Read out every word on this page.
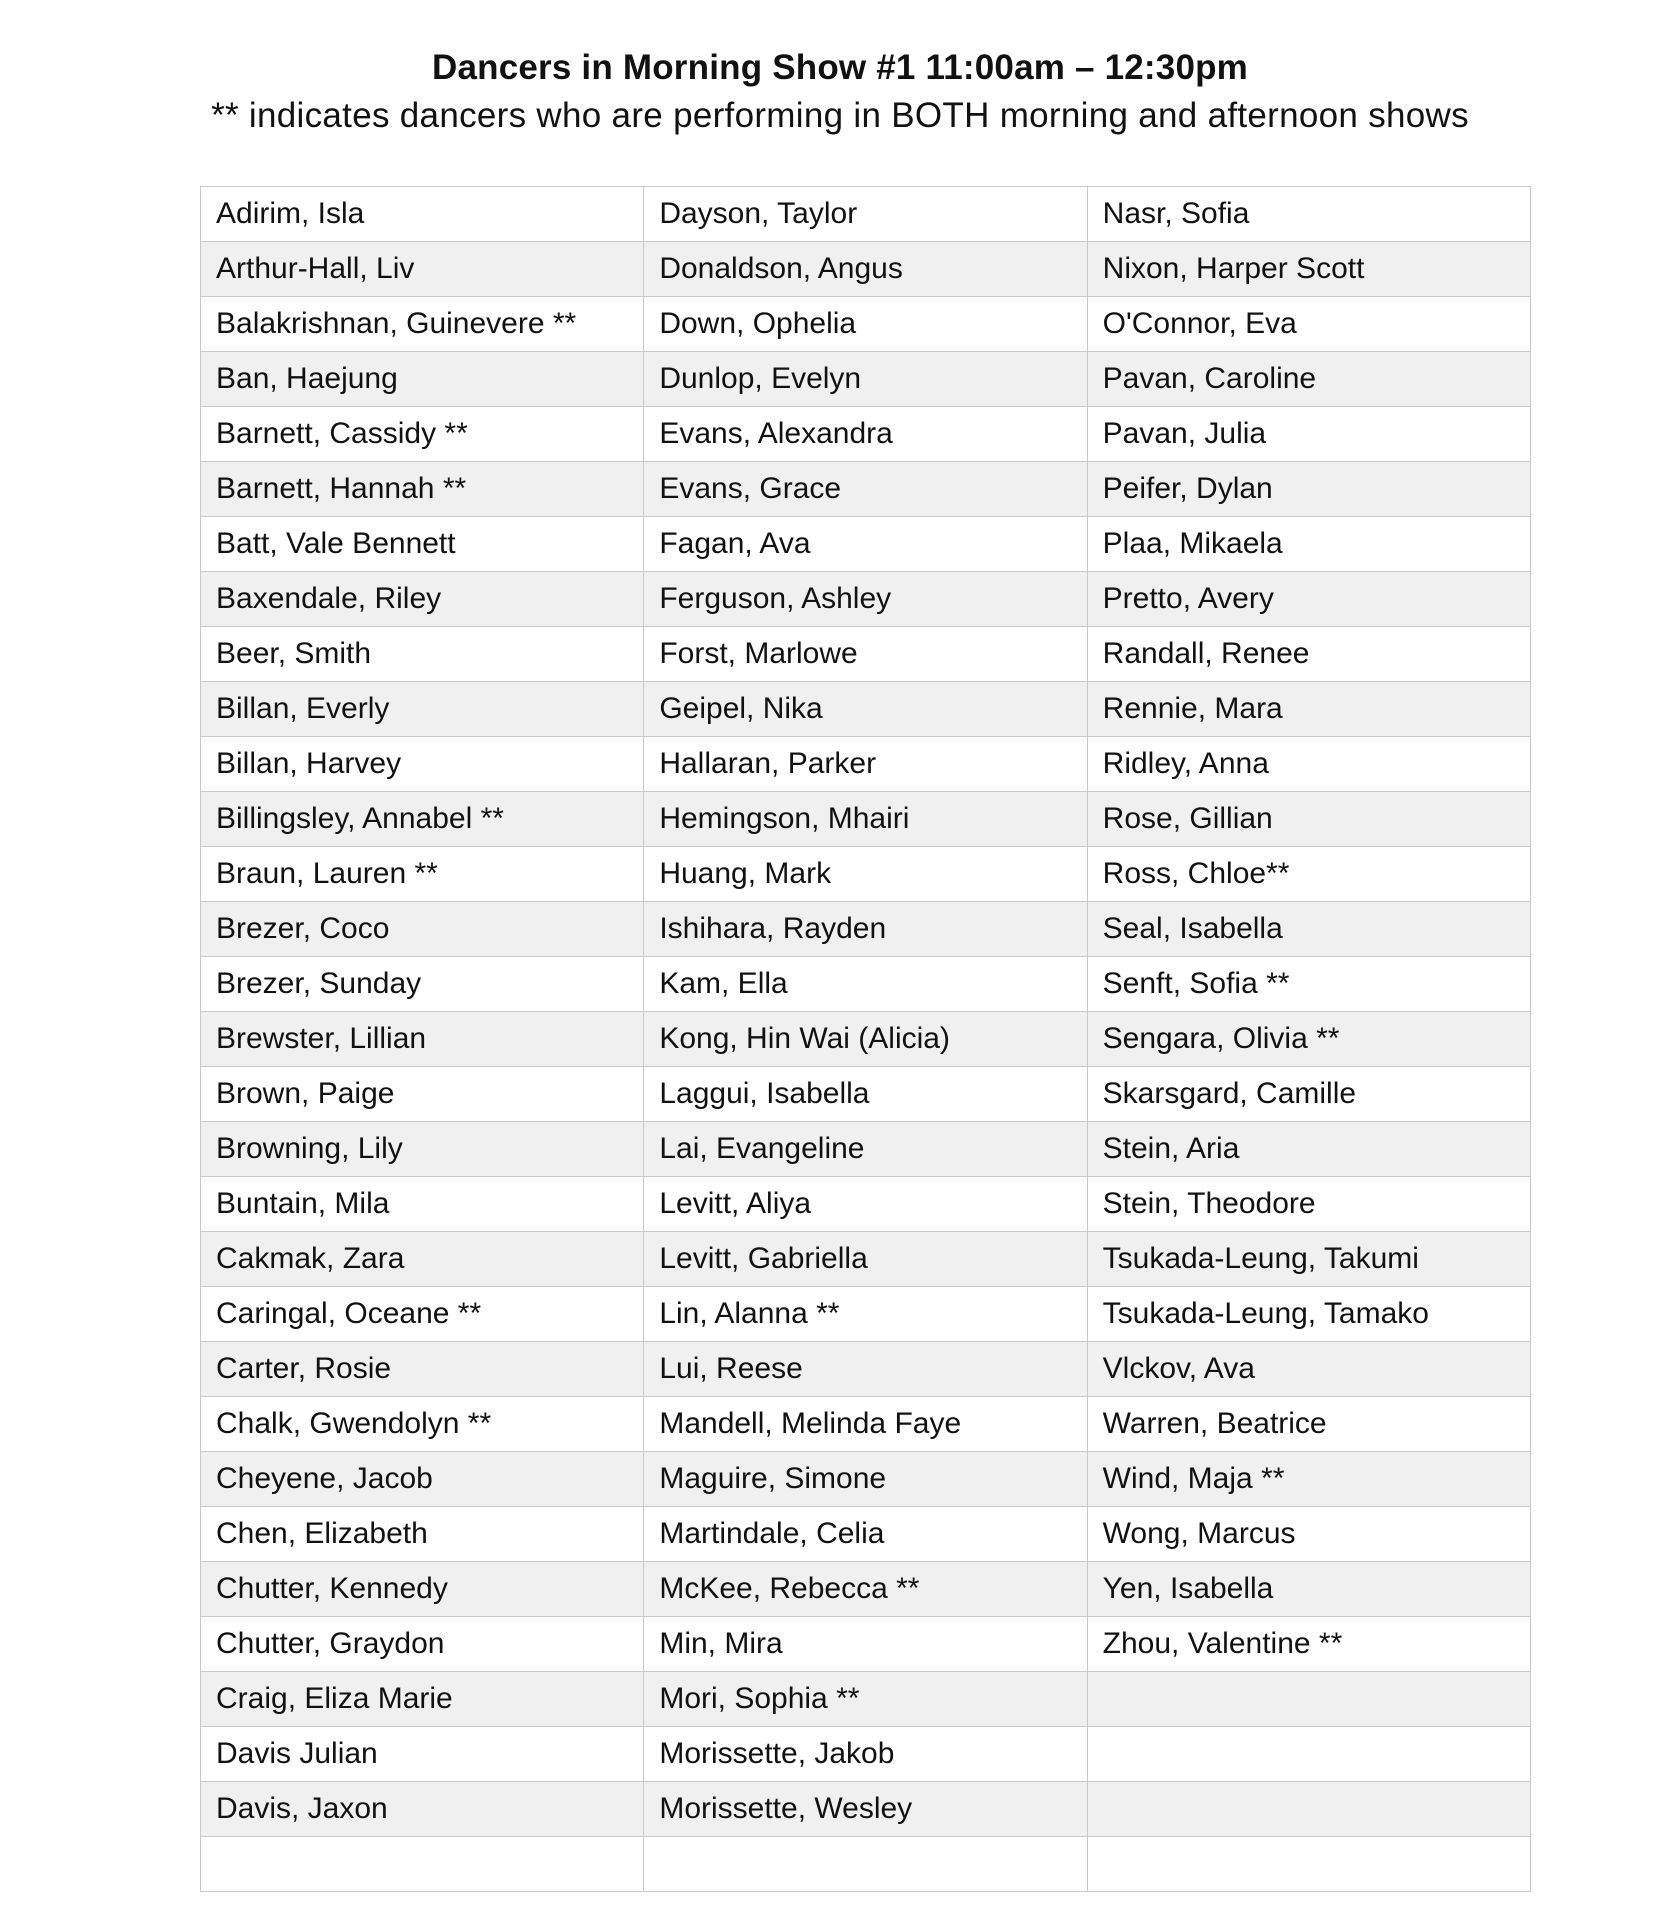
Dancers in Morning Show #1 11:00am – 12:30pm
** indicates dancers who are performing in BOTH morning and afternoon shows
Adirim, Isla	Dayson, Taylor	Nasr, Sofia
Arthur-Hall, Liv	Donaldson, Angus	Nixon, Harper Scott
Balakrishnan, Guinevere **	Down, Ophelia	O'Connor, Eva
Ban, Haejung	Dunlop, Evelyn	Pavan, Caroline
Barnett, Cassidy **	Evans, Alexandra	Pavan, Julia
Barnett, Hannah **	Evans, Grace	Peifer, Dylan
Batt, Vale Bennett	Fagan, Ava	Plaa, Mikaela
Baxendale, Riley	Ferguson, Ashley	Pretto, Avery
Beer, Smith	Forst, Marlowe	Randall, Renee
Billan, Everly	Geipel, Nika	Rennie, Mara
Billan, Harvey	Hallaran, Parker	Ridley, Anna
Billingsley, Annabel **	Hemingson, Mhairi	Rose, Gillian
Braun, Lauren **	Huang, Mark	Ross, Chloe**
Brezer, Coco	Ishihara, Rayden	Seal, Isabella
Brezer, Sunday	Kam, Ella	Senft, Sofia **
Brewster, Lillian	Kong, Hin Wai (Alicia)	Sengara, Olivia **
Brown, Paige	Laggui, Isabella	Skarsgard, Camille
Browning, Lily	Lai, Evangeline	Stein, Aria
Buntain, Mila	Levitt, Aliya	Stein, Theodore
Cakmak, Zara	Levitt, Gabriella	Tsukada-Leung, Takumi
Caringal, Oceane **	Lin, Alanna **	Tsukada-Leung, Tamako
Carter, Rosie	Lui, Reese	Vlckov, Ava
Chalk, Gwendolyn **	Mandell, Melinda Faye	Warren, Beatrice
Cheyene, Jacob	Maguire, Simone	Wind, Maja **
Chen, Elizabeth	Martindale, Celia	Wong, Marcus
Chutter, Kennedy	McKee, Rebecca **	Yen, Isabella
Chutter, Graydon	Min, Mira	Zhou, Valentine **
Craig, Eliza Marie	Mori, Sophia **	
Davis Julian	Morissette, Jakob	
Davis, Jaxon	Morissette, Wesley	
